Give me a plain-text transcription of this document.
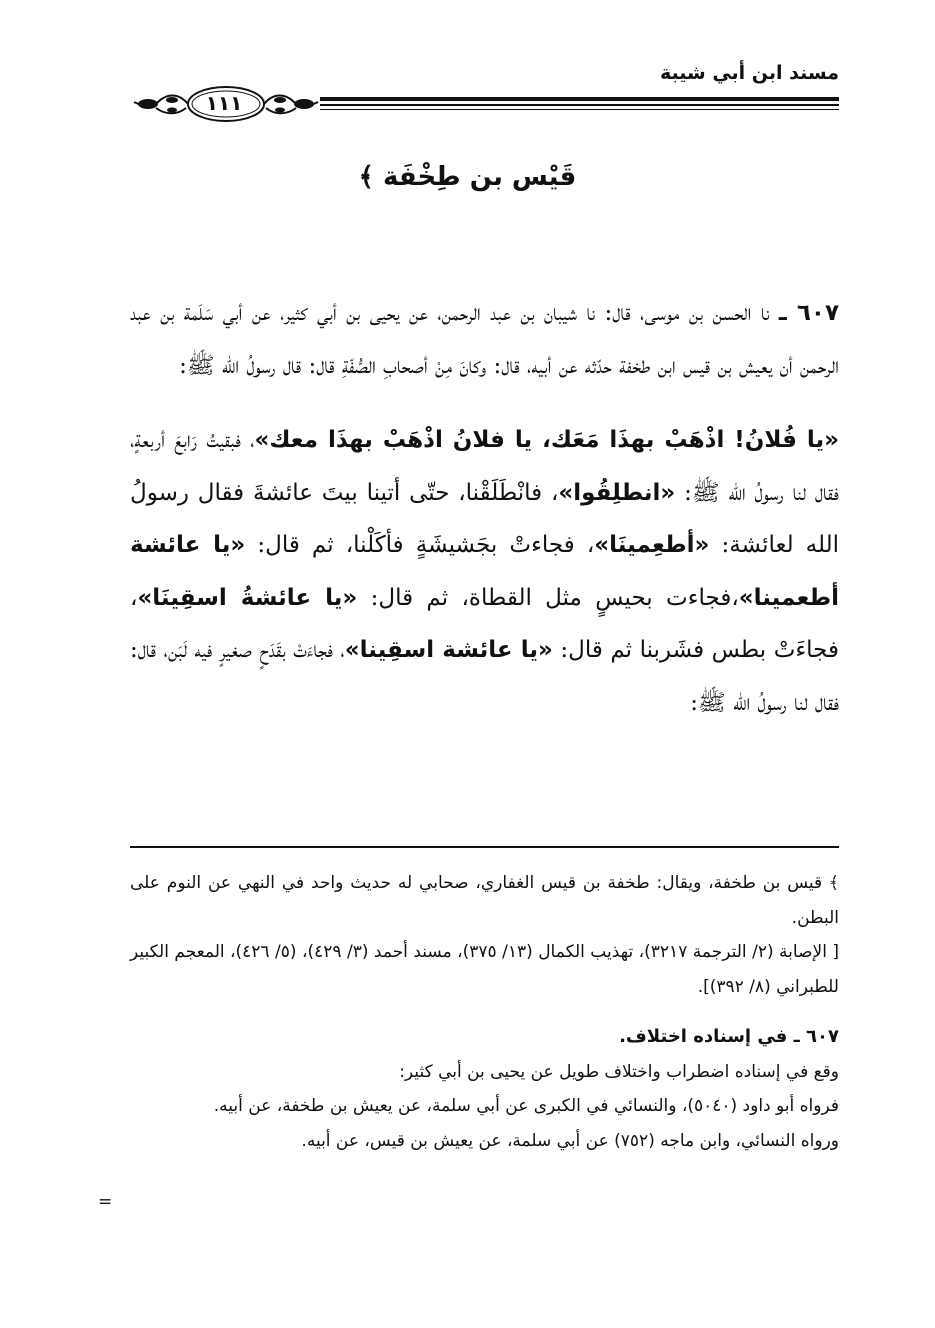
مسند ابن أبي شيبة
١١١
قَيْس بن طِخْفَة ﴾

٦٠٧ ـ نا الحسن بن موسى، قال: نا شيبان بن عبد الرحمن، عن يحيى بن أبي كثير، عن أبي سَلَمة بن عبد الرحمن أن يعيش بن قيس ابن طخفة حدّثه عن أبيه، قال: وكانَ مِنْ أصحابِ الصُّفّةِ قال: قال رسولُ الله ﷺ:

«يا فُلانُ! اذْهَبْ بهذَا مَعَك، يا فلانُ اذْهَبْ بهذَا معك»، فبقيتُ رَابعَ أربعةٍ، فقال لنا رسولُ الله ﷺ: «انطلِقُوا»، فانْطَلَقْنا، حتّى أتينا بيتَ عائشةَ فقال رسولُ الله لعائشة: «أطعِمينَا»، فجاءتْ بجَشيشَةٍ فأكَلْنا، ثم قال: «يا عائشة أطعمينا»،فجاءت بحيسٍ مثل القطاة، ثم قال: «يا عائشةُ اسقِينَا»، فجاءَتْ بطس فشَربنا ثم قال: «يا عائشة اسقِينا»، فجاءَتْ بقَدَحٍ صغيرٍ فيه لَبَن، قال: فقال لنا رسولُ الله ﷺ:

﴾ قيس بن طخفة، ويقال: طخفة بن قيس الغفاري، صحابي له حديث واحد في النهي عن النوم على البطن.

[ الإصابة (٢/ الترجمة ٣٢١٧)، تهذيب الكمال (١٣/ ٣٧٥)، مسند أحمد (٣/ ٤٢٩)، (٥/ ٤٢٦)، المعجم الكبير للطبراني (٨/ ٣٩٢)].

٦٠٧ ـ في إسناده اختلاف.

وقع في إسناده اضطراب واختلاف طويل عن يحيى بن أبي كثير:

فرواه أبو داود (٥٠٤٠)، والنسائي في الكبرى عن أبي سلمة، عن يعيش بن طخفة، عن أبيه.

ورواه النسائي، وابن ماجه (٧٥٢) عن أبي سلمة، عن يعيش بن قيس، عن أبيه.

=
